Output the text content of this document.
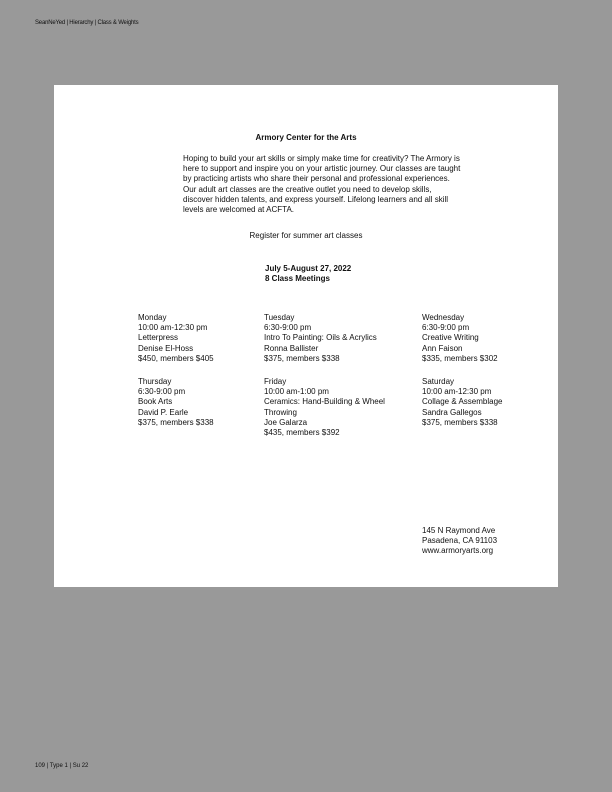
SeanNeYed | Hierarchy | Class & Weights
Armory Center for the Arts
Hoping to build your art skills or simply make time for creativity? The Armory is here to support and inspire you on your artistic journey. Our classes are taught by practicing artists who share their personal and professional experiences. Our adult art classes are the creative outlet you need to develop skills, discover hidden talents, and express yourself. Lifelong learners and all skill levels are welcomed at ACFTA.
Register for summer art classes
July 5-August 27, 2022
8 Class Meetings
Monday
10:00 am-12:30 pm
Letterpress
Denise El-Hoss
$450, members $405
Tuesday
6:30-9:00 pm
Intro To Painting: Oils & Acrylics
Ronna Ballister
$375, members $338
Wednesday
6:30-9:00 pm
Creative Writing
Ann Faison
$335, members $302
Thursday
6:30-9:00 pm
Book Arts
David P. Earle
$375, members $338
Friday
10:00 am-1:00 pm
Ceramics: Hand-Building & Wheel Throwing
Joe Galarza
$435, members $392
Saturday
10:00 am-12:30 pm
Collage & Assemblage
Sandra Gallegos
$375, members $338
145 N Raymond Ave
Pasadena, CA 91103
www.armoryarts.org
109 | Type 1 | Su 22
